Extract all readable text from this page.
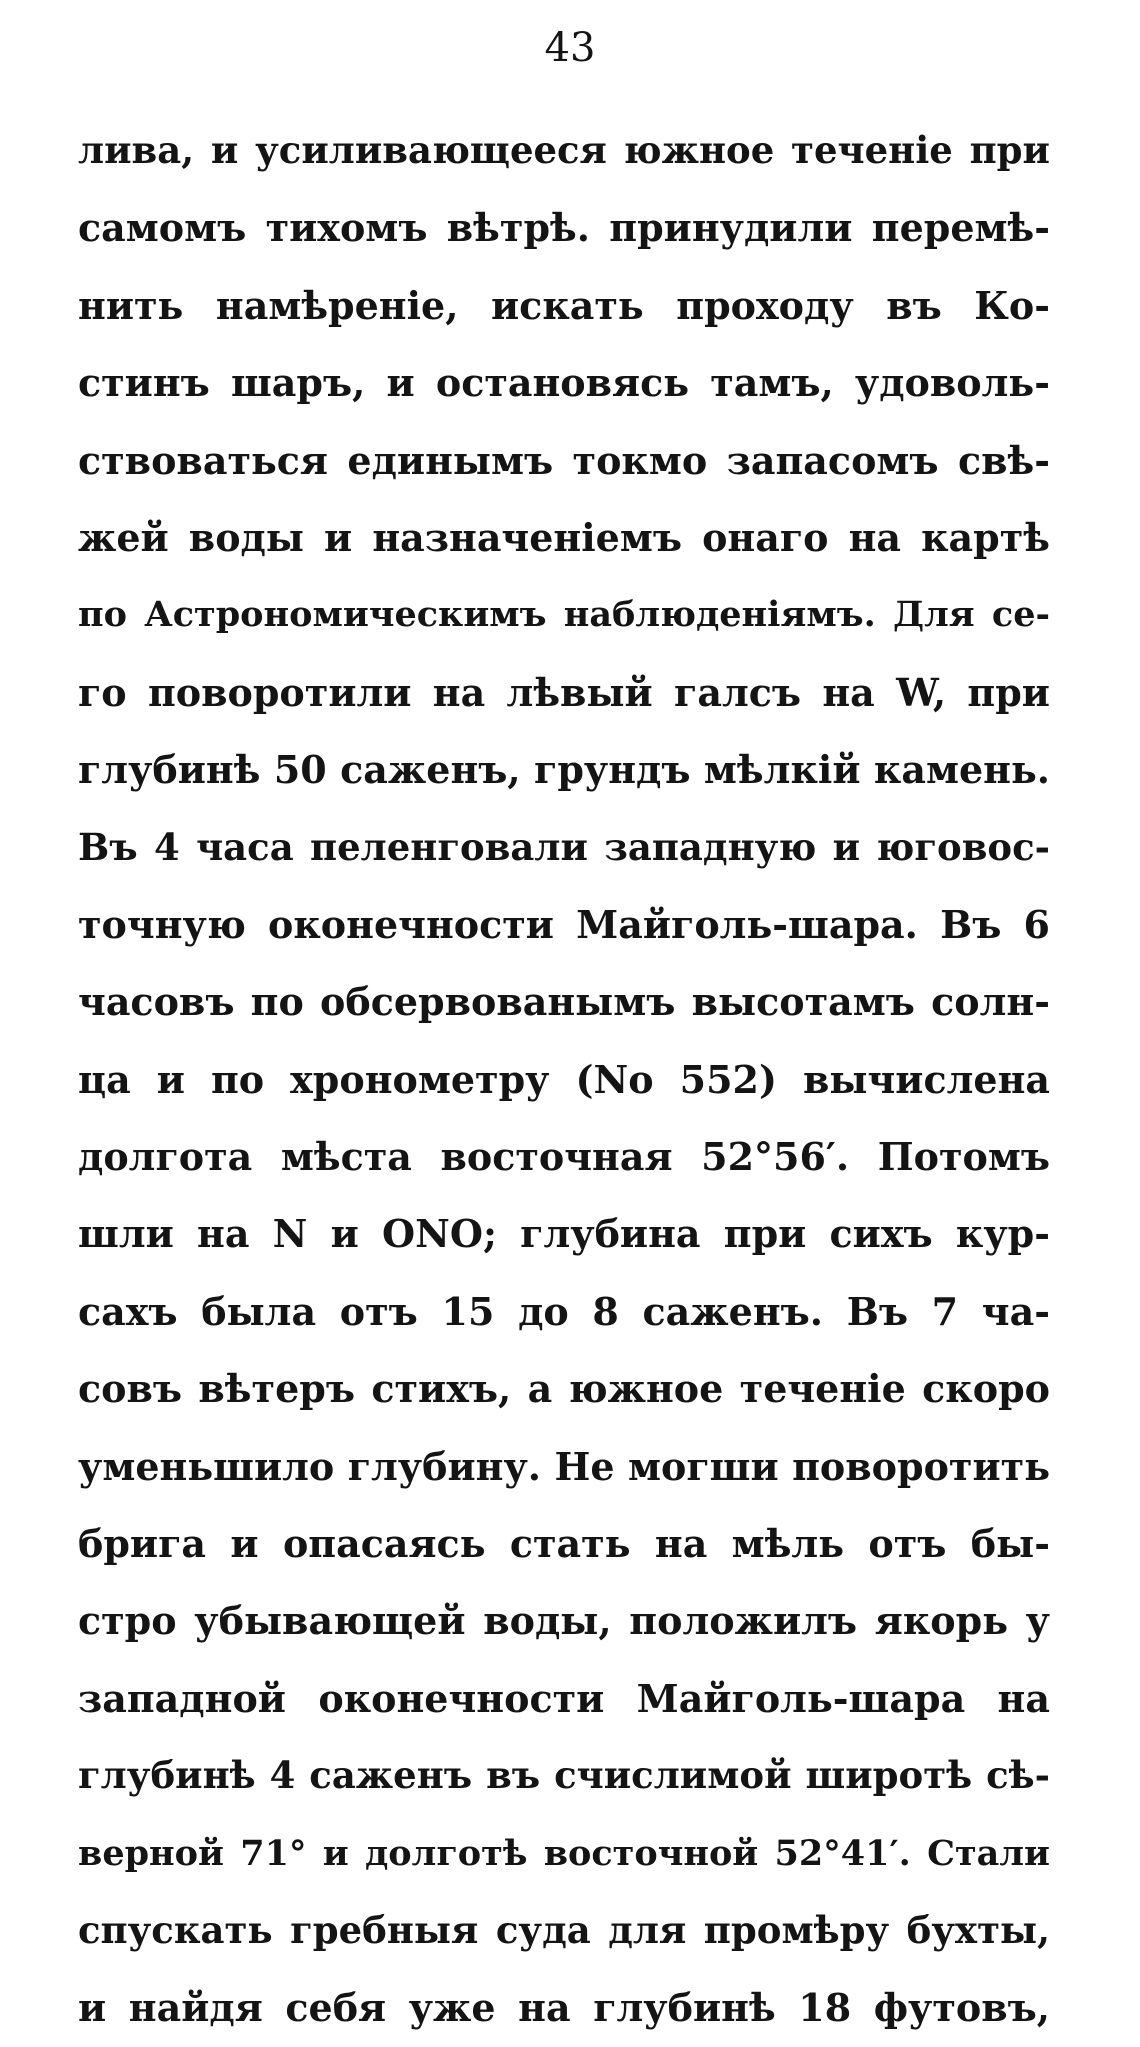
43
лива, и усиливающееся южное теченіе при
самомъ тихомъ вѣтрѣ. принудили перемѣ-
нить намѣреніе, искать проходу въ Ко-
стинъ шаръ, и остановясь тамъ, удоволь-
ствоваться единымъ токмо запасомъ свѣ-
жей воды и назначеніемъ онаго на картѣ
по Астрономическимъ наблюденіямъ. Для се-
го поворотили на лѣвый галсъ на W, при
глубинѣ 50 саженъ, грундъ мѣлкій камень.
Въ 4 часа пеленговали западную и юговос-
точную оконечности Майголь-шара. Въ 6
часовъ по обсервованымъ высотамъ солн-
ца и по хронометру (No 552) вычислена
долгота мѣста восточная 52°56′. Потомъ
шли на N и ONO; глубина при сихъ кур-
сахъ была отъ 15 до 8 саженъ. Въ 7 ча-
совъ вѣтеръ стихъ, а южное теченіе скоро
уменьшило глубину. Не могши поворотить
брига и опасаясь стать на мѣль отъ бы-
стро убывающей воды, положилъ якорь у
западной оконечности Майголь-шара на
глубинѣ 4 саженъ въ счислимой широтѣ сѣ-
верной 71° и долготѣ восточной 52°41′. Стали
спускать гребныя суда для промѣру бухты,
и найдя себя уже на глубинѣ 18 футовъ,
